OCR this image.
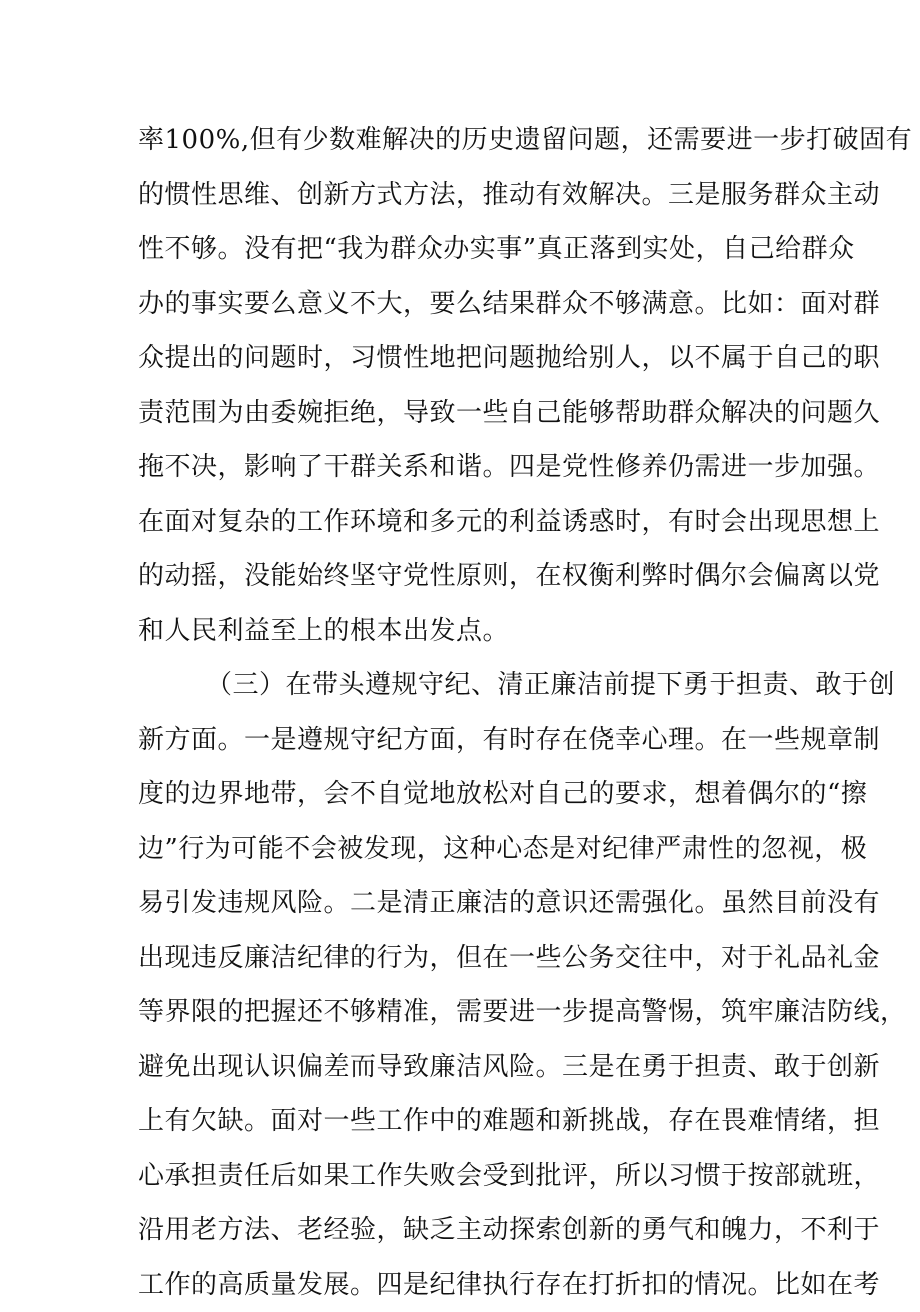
率100%,但有少数难解决的历史遗留问题，还需要进一步打破固有
的惯性思维、创新方式方法，推动有效解决。三是服务群众主动
性不够。没有把“我为群众办实事”真正落到实处，自己给群众
办的事实要么意义不大，要么结果群众不够满意。比如：面对群
众提出的问题时，习惯性地把问题抛给别人，以不属于自己的职
责范围为由委婉拒绝，导致一些自己能够帮助群众解决的问题久
拖不决，影响了干群关系和谐。四是党性修养仍需进一步加强。
在面对复杂的工作环境和多元的利益诱惑时，有时会出现思想上
的动摇，没能始终坚守党性原则，在权衡利弊时偶尔会偏离以党
和人民利益至上的根本出发点。
（三）在带头遵规守纪、清正廉洁前提下勇于担责、敢于创
新方面。一是遵规守纪方面，有时存在侥幸心理。在一些规章制
度的边界地带，会不自觉地放松对自己的要求，想着偶尔的“擦
边”行为可能不会被发现，这种心态是对纪律严肃性的忽视，极
易引发违规风险。二是清正廉洁的意识还需强化。虽然目前没有
出现违反廉洁纪律的行为，但在一些公务交往中，对于礼品礼金
等界限的把握还不够精准，需要进一步提高警惕，筑牢廉洁防线，
避免出现认识偏差而导致廉洁风险。三是在勇于担责、敢于创新
上有欠缺。面对一些工作中的难题和新挑战，存在畏难情绪，担
心承担责任后如果工作失败会受到批评，所以习惯于按部就班，
沿用老方法、老经验，缺乏主动探索创新的勇气和魄力，不利于
工作的高质量发展。四是纪律执行存在打折扣的情况。比如在考
